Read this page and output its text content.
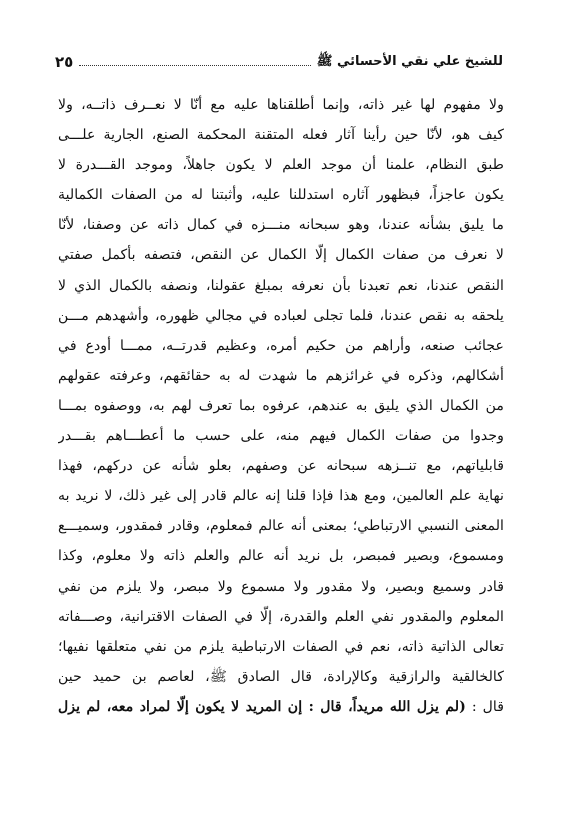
للشيخ علي نقي الأحسائي ﷺ
٢٥
ولا مفهوم لها غير ذاته، وإنما أطلقناها عليه مع أنّا لا نعــرف ذاتــه، ولا
كيف هو، لأنّا حين رأينا آثار فعله المتقنة المحكمة الصنع، الجارية علـــى
طبق النظام، علمنا أن موجد العلم لا يكون جاهلاً، وموجد القـــدرة لا
يكون عاجزاً، فبظهور آثاره استدللنا عليه، وأثبتنا له من الصفات الكمالية
ما يليق بشأنه عندنا، وهو سبحانه منـــزه في كمال ذاته عن وصفنا، لأنّا
لا نعرف من صفات الكمال إلّا الكمال عن النقص، فتصفه بأكمل صفتي
النقص عندنا، نعم تعبدنا بأن نعرفه بمبلغ عقولنا، ونصفه بالكمال الذي لا
يلحقه به نقص عندنا، فلما تجلى لعباده في مجالي ظهوره، وأشهدهم مـــن
عجائب صنعه، وأراهم من حكيم أمره، وعظيم قدرتــه، ممـــا أودع في
أشكالهم، وذكره في غرائزهم ما شهدت له به حقائقهم، وعرفته عقولهم
من الكمال الذي يليق به عندهم، عرفوه بما تعرف لهم به، ووصفوه بمـــا
وجدوا من صفات الكمال فيهم منه، على حسب ما أعطـــاهم بقـــدر
قابلياتهم، مع تنــزهه سبحانه عن وصفهم، بعلو شأنه عن دركهم، فهذا
نهاية علم العالمين، ومع هذا فإذا قلنا إنه عالم قادر إلى غير ذلك، لا نريد به
المعنى النسبي الارتباطي؛ بمعنى أنه عالم فمعلوم، وقادر فمقدور، وسميـــع
ومسموع، وبصير فمبصر، بل نريد أنه عالم والعلم ذاته ولا معلوم، وكذا
قادر وسميع وبصير، ولا مقدور ولا مسموع ولا مبصر، ولا يلزم من نفي
المعلوم والمقدور نفي العلم والقدرة، إلّا في الصفات الاقترانية، وصـــفاته
تعالى الذاتية ذاته، نعم في الصفات الارتباطية يلزم من نفي متعلقها نفيها؛
كالخالقية والرازقية وكالإرادة، قال الصادق ﷺ، لعاصم بن حميد حين
قال : (لم يزل الله مريداً، قال : إن المريد لا يكون إلّا لمراد معه، لم يزل
